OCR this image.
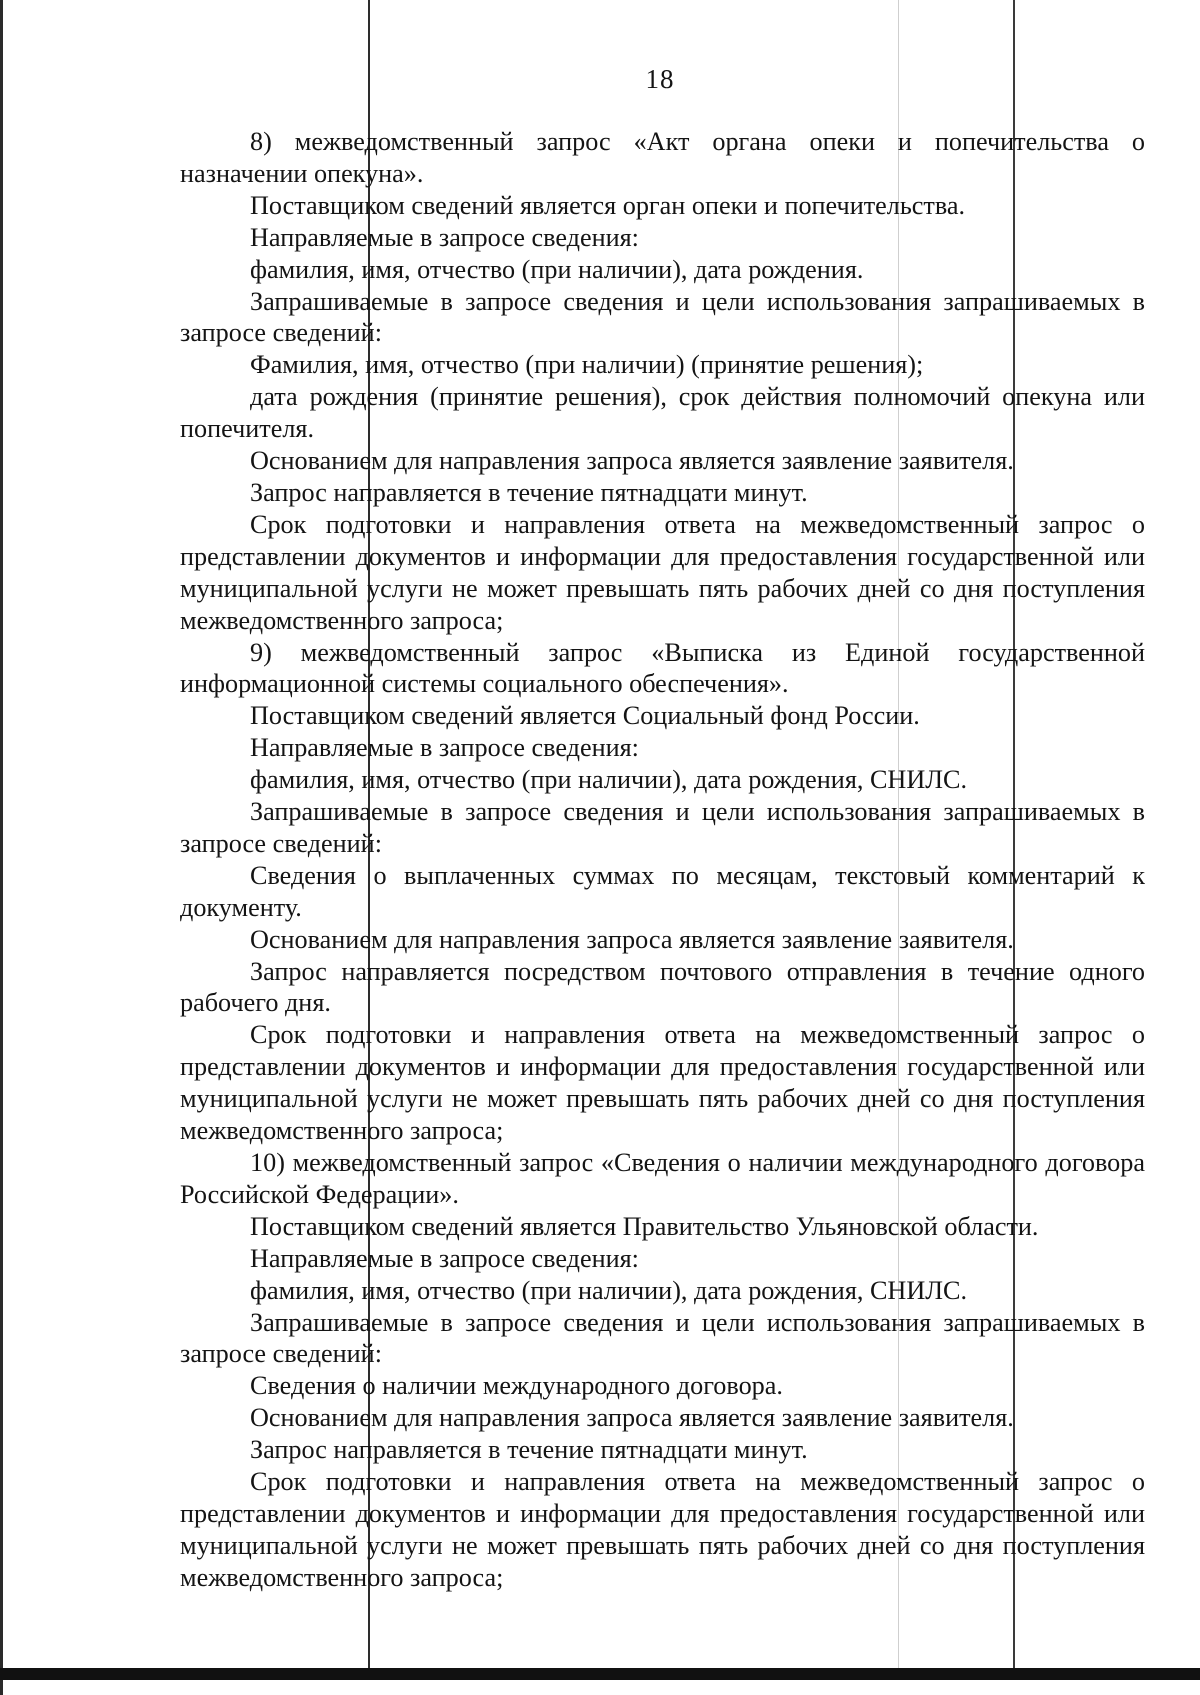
18

8) межведомственный запрос «Акт органа опеки и попечительства о назначении опекуна».

Поставщиком сведений является орган опеки и попечительства.

Направляемые в запросе сведения:

фамилия, имя, отчество (при наличии), дата рождения.

Запрашиваемые в запросе сведения и цели использования запрашиваемых в запросе сведений:

Фамилия, имя, отчество (при наличии) (принятие решения);

дата рождения (принятие решения), срок действия полномочий опекуна или попечителя.

Основанием для направления запроса является заявление заявителя.

Запрос направляется в течение пятнадцати минут.

Срок подготовки и направления ответа на межведомственный запрос о представлении документов и информации для предоставления государственной или муниципальной услуги не может превышать пять рабочих дней со дня поступления межведомственного запроса;

9) межведомственный запрос «Выписка из Единой государственной информационной системы социального обеспечения».

Поставщиком сведений является Социальный фонд России.

Направляемые в запросе сведения:

фамилия, имя, отчество (при наличии), дата рождения, СНИЛС.

Запрашиваемые в запросе сведения и цели использования запрашиваемых в запросе сведений:

Сведения о выплаченных суммах по месяцам, текстовый комментарий к документу.

Основанием для направления запроса является заявление заявителя.

Запрос направляется посредством почтового отправления в течение одного рабочего дня.

Срок подготовки и направления ответа на межведомственный запрос о представлении документов и информации для предоставления государственной или муниципальной услуги не может превышать пять рабочих дней со дня поступления межведомственного запроса;

10) межведомственный запрос «Сведения о наличии международного договора Российской Федерации».

Поставщиком сведений является Правительство Ульяновской области.

Направляемые в запросе сведения:

фамилия, имя, отчество (при наличии), дата рождения, СНИЛС.

Запрашиваемые в запросе сведения и цели использования запрашиваемых в запросе сведений:

Сведения о наличии международного договора.

Основанием для направления запроса является заявление заявителя.

Запрос направляется в течение пятнадцати минут.

Срок подготовки и направления ответа на межведомственный запрос о представлении документов и информации для предоставления государственной или муниципальной услуги не может превышать пять рабочих дней со дня поступления межведомственного запроса;
